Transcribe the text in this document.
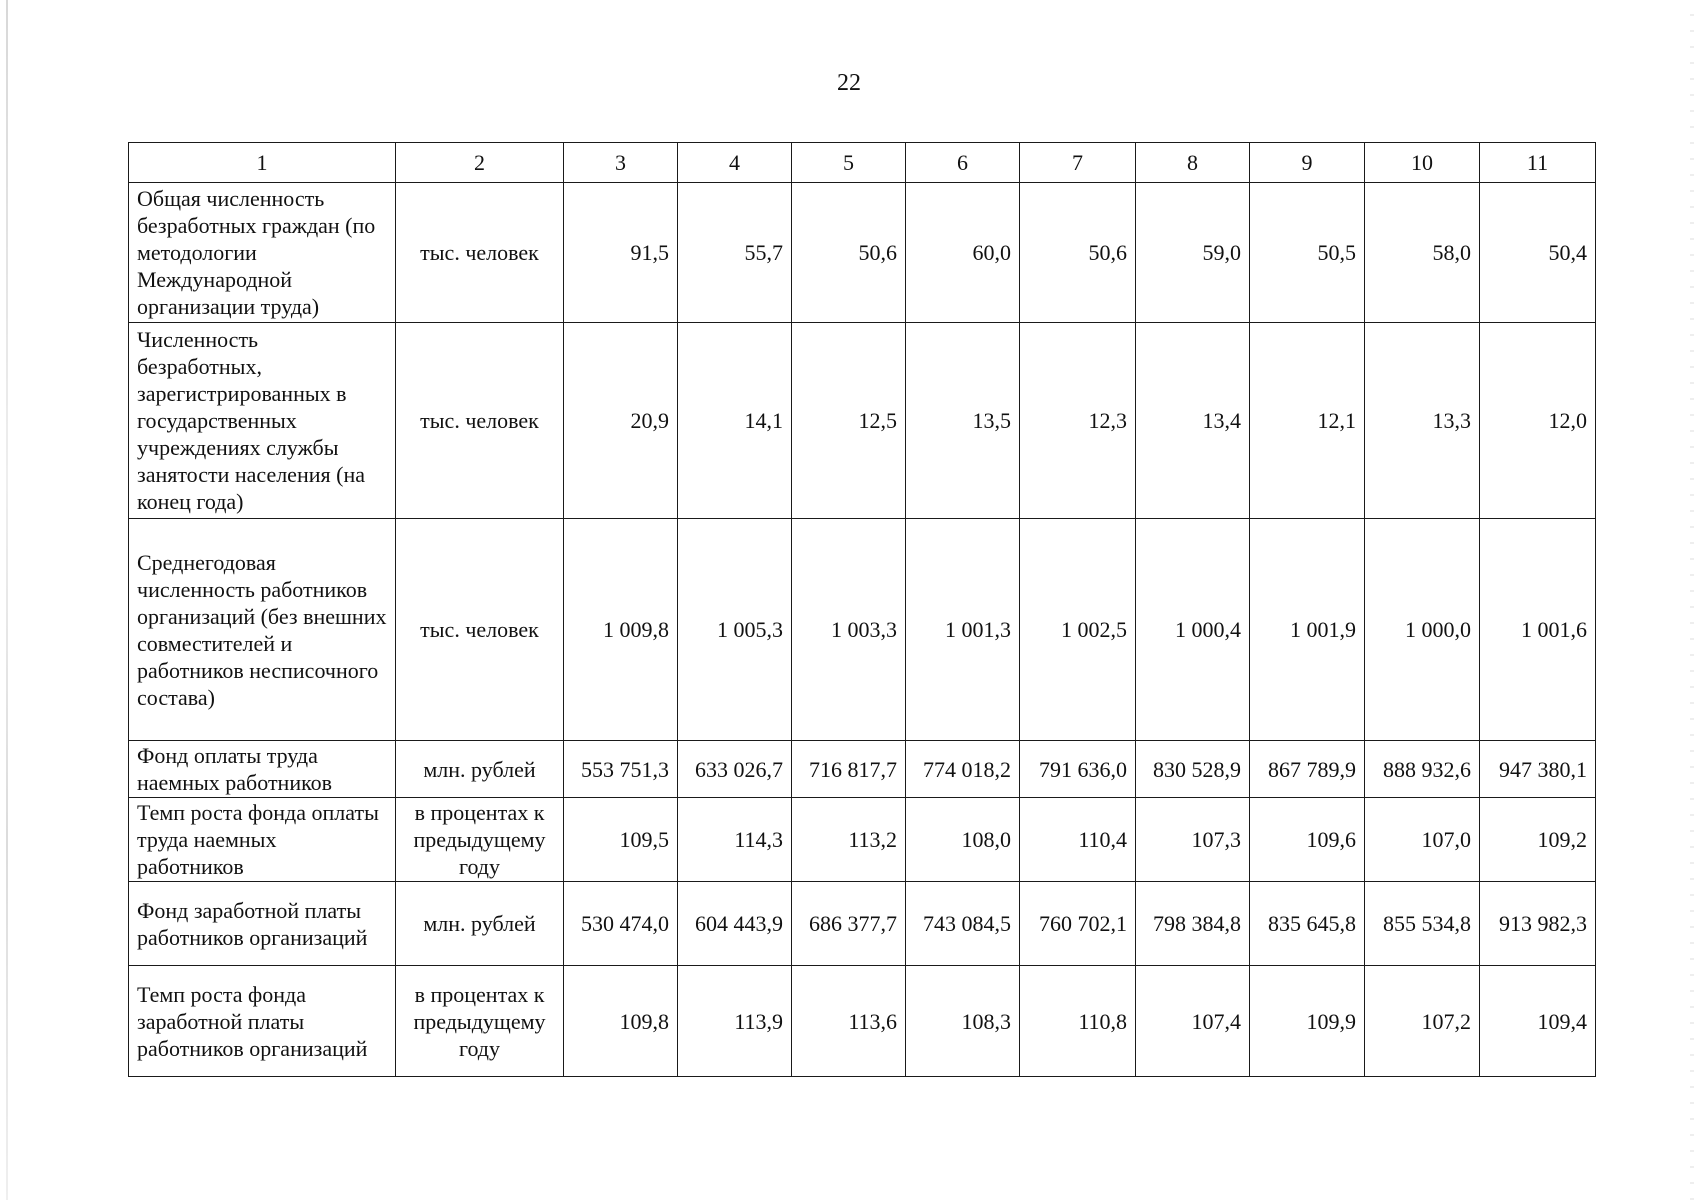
22
1	2	3	4	5	6	7	8	9	10	11
Общая численность безработных граждан (по методологии Международной организации труда)	тыс. человек	91,5	55,7	50,6	60,0	50,6	59,0	50,5	58,0	50,4
Численность безработных, зарегистрированных в государственных учреждениях службы занятости населения (на конец года)	тыс. человек	20,9	14,1	12,5	13,5	12,3	13,4	12,1	13,3	12,0
Среднегодовая численность работников организаций (без внешних совместителей и работников несписочного состава)	тыс. человек	1 009,8	1 005,3	1 003,3	1 001,3	1 002,5	1 000,4	1 001,9	1 000,0	1 001,6
Фонд оплаты труда наемных работников	млн. рублей	553 751,3	633 026,7	716 817,7	774 018,2	791 636,0	830 528,9	867 789,9	888 932,6	947 380,1
Темп роста фонда оплаты труда наемных работников	в процентах к предыдущему году	109,5	114,3	113,2	108,0	110,4	107,3	109,6	107,0	109,2
Фонд заработной платы работников организаций	млн. рублей	530 474,0	604 443,9	686 377,7	743 084,5	760 702,1	798 384,8	835 645,8	855 534,8	913 982,3
Темп роста фонда заработной платы работников организаций	в процентах к предыдущему году	109,8	113,9	113,6	108,3	110,8	107,4	109,9	107,2	109,4
